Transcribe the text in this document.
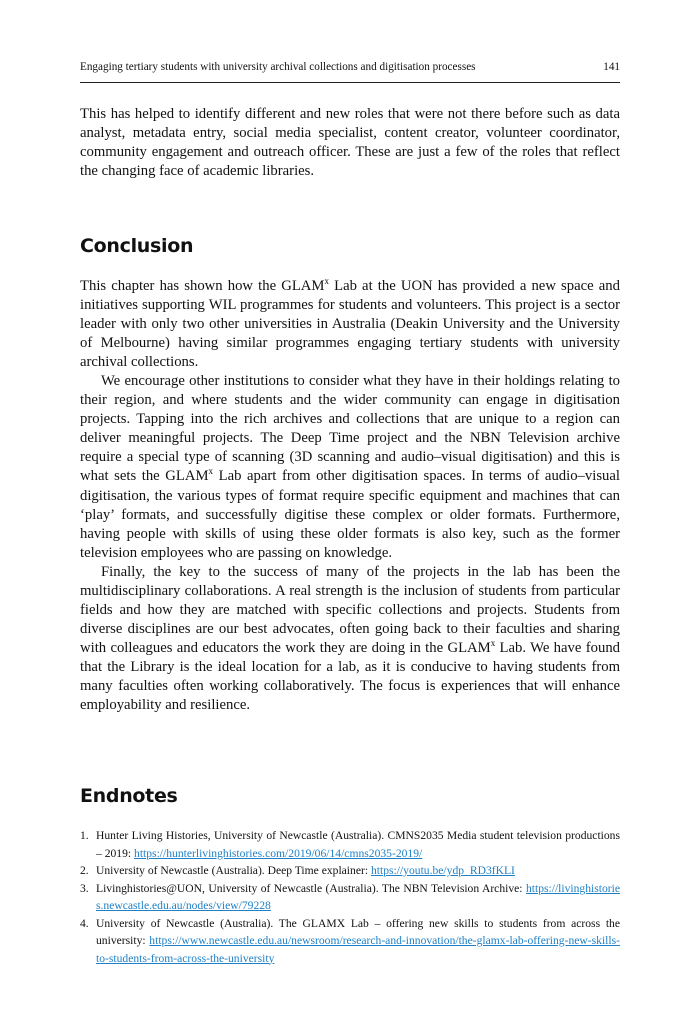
Engaging tertiary students with university archival collections and digitisation processes	141

This has helped to identify different and new roles that were not there before such as data analyst, metadata entry, social media specialist, content creator, volunteer coordinator, community engagement and outreach officer. These are just a few of the roles that reflect the changing face of academic libraries.

Conclusion

This chapter has shown how the GLAM$^x$ Lab at the UON has provided a new space and initiatives supporting WIL programmes for students and volunteers. This project is a sector leader with only two other universities in Australia (Deakin University and the University of Melbourne) having similar programmes engaging tertiary students with university archival collections.

We encourage other institutions to consider what they have in their holdings relating to their region, and where students and the wider community can engage in digitisation projects. Tapping into the rich archives and collections that are unique to a region can deliver meaningful projects. The Deep Time project and the NBN Television archive require a special type of scanning (3D scanning and audio–visual digitisation) and this is what sets the GLAM$^x$ Lab apart from other digitisation spaces. In terms of audio–visual digitisation, the various types of format require specific equipment and machines that can ‘play’ formats, and successfully digitise these complex or older formats. Furthermore, having people with skills of using these older formats is also key, such as the former television employees who are passing on knowledge.

Finally, the key to the success of many of the projects in the lab has been the multidisciplinary collaborations. A real strength is the inclusion of students from particular fields and how they are matched with specific collections and projects. Students from diverse disciplines are our best advocates, often going back to their faculties and sharing with colleagues and educators the work they are doing in the GLAM$^x$ Lab. We have found that the Library is the ideal location for a lab, as it is conducive to having students from many faculties often working collaboratively. The focus is experiences that will enhance employability and resilience.

Endnotes
1. Hunter Living Histories, University of Newcastle (Australia). CMNS2035 Media student television productions – 2019: https://hunterlivinghistories.com/2019/06/14/cmns2035-2019/
2. University of Newcastle (Australia). Deep Time explainer: https://youtu.be/ydp_RD3fKLI
3. Livinghistories@UON, University of Newcastle (Australia). The NBN Television Archive: https://livinghistories.newcastle.edu.au/nodes/view/79228
4. University of Newcastle (Australia). The GLAMX Lab – offering new skills to students from across the university: https://www.newcastle.edu.au/newsroom/research-and-innovation/the-glamx-lab-offering-new-skills-to-students-from-across-the-university
